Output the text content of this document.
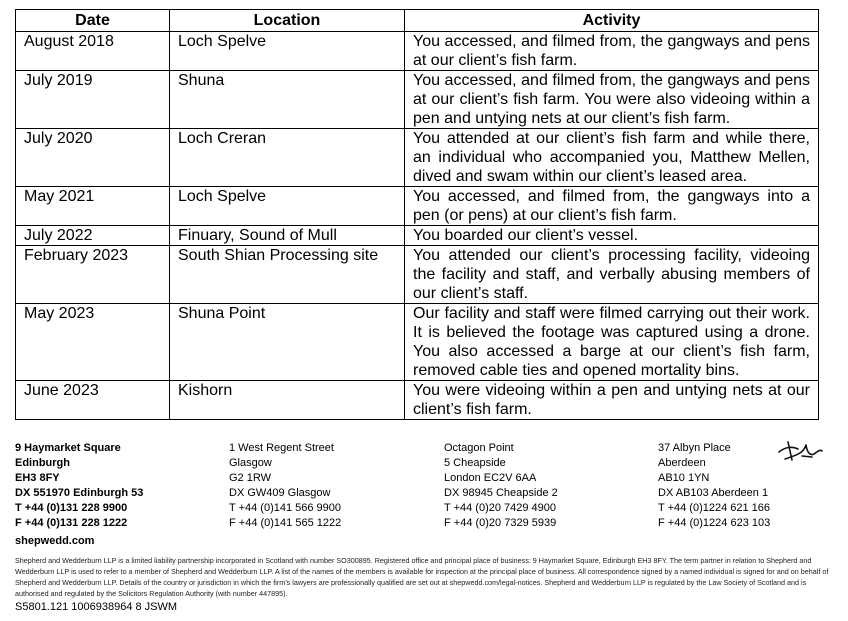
Date	Location	Activity
August 2018	Loch Spelve	You accessed, and filmed from, the gangways and pens at our client’s fish farm.
July 2019	Shuna	You accessed, and filmed from, the gangways and pens at our client’s fish farm. You were also videoing within a pen and untying nets at our client’s fish farm.
July 2020	Loch Creran	You attended at our client’s fish farm and while there, an individual who accompanied you, Matthew Mellen, dived and swam within our client’s leased area.
May 2021	Loch Spelve	You accessed, and filmed from, the gangways into a pen (or pens) at our client’s fish farm.
July 2022	Finuary, Sound of Mull	You boarded our client’s vessel.
February 2023	South Shian Processing site	You attended our client’s processing facility, videoing the facility and staff, and verbally abusing members of our client’s staff.
May 2023	Shuna Point	Our facility and staff were filmed carrying out their work. It is believed the footage was captured using a drone. You also accessed a barge at our client’s fish farm, removed cable ties and opened mortality bins.
June 2023	Kishorn	You were videoing within a pen and untying nets at our client’s fish farm.
9 Haymarket Square
Edinburgh
EH3 8FY
DX 551970 Edinburgh 53
T +44 (0)131 228 9900
F +44 (0)131 228 1222
1 West Regent Street
Glasgow
G2 1RW
DX GW409 Glasgow
T +44 (0)141 566 9900
F +44 (0)141 565 1222
Octagon Point
5 Cheapside
London EC2V 6AA
DX 98945 Cheapside 2
T +44 (0)20 7429 4900
F +44 (0)20 7329 5939
37 Albyn Place
Aberdeen
AB10 1YN
DX AB103 Aberdeen 1
T +44 (0)1224 621 166
F +44 (0)1224 623 103
shepwedd.com
Shepherd and Wedderburn LLP is a limited liability partnership incorporated in Scotland with number SO300895. Registered office and principal place of business: 9 Haymarket Square, Edinburgh EH3 8FY. The term partner in relation to Shepherd and Wedderburn LLP is used to refer to a member of Shepherd and Wedderburn LLP. A list of the names of the members is available for inspection at the principal place of business. All correspondence signed by a named individual is signed for and on behalf of Shepherd and Wedderburn LLP. Details of the country or jurisdiction in which the firm’s lawyers are professionally qualified are set out at shepwedd.com/legal-notices. Shepherd and Wedderburn LLP is regulated by the Law Society of Scotland and is authorised and regulated by the Solicitors Regulation Authority (with number 447895).
S5801.121 1006938964 8 JSWM
